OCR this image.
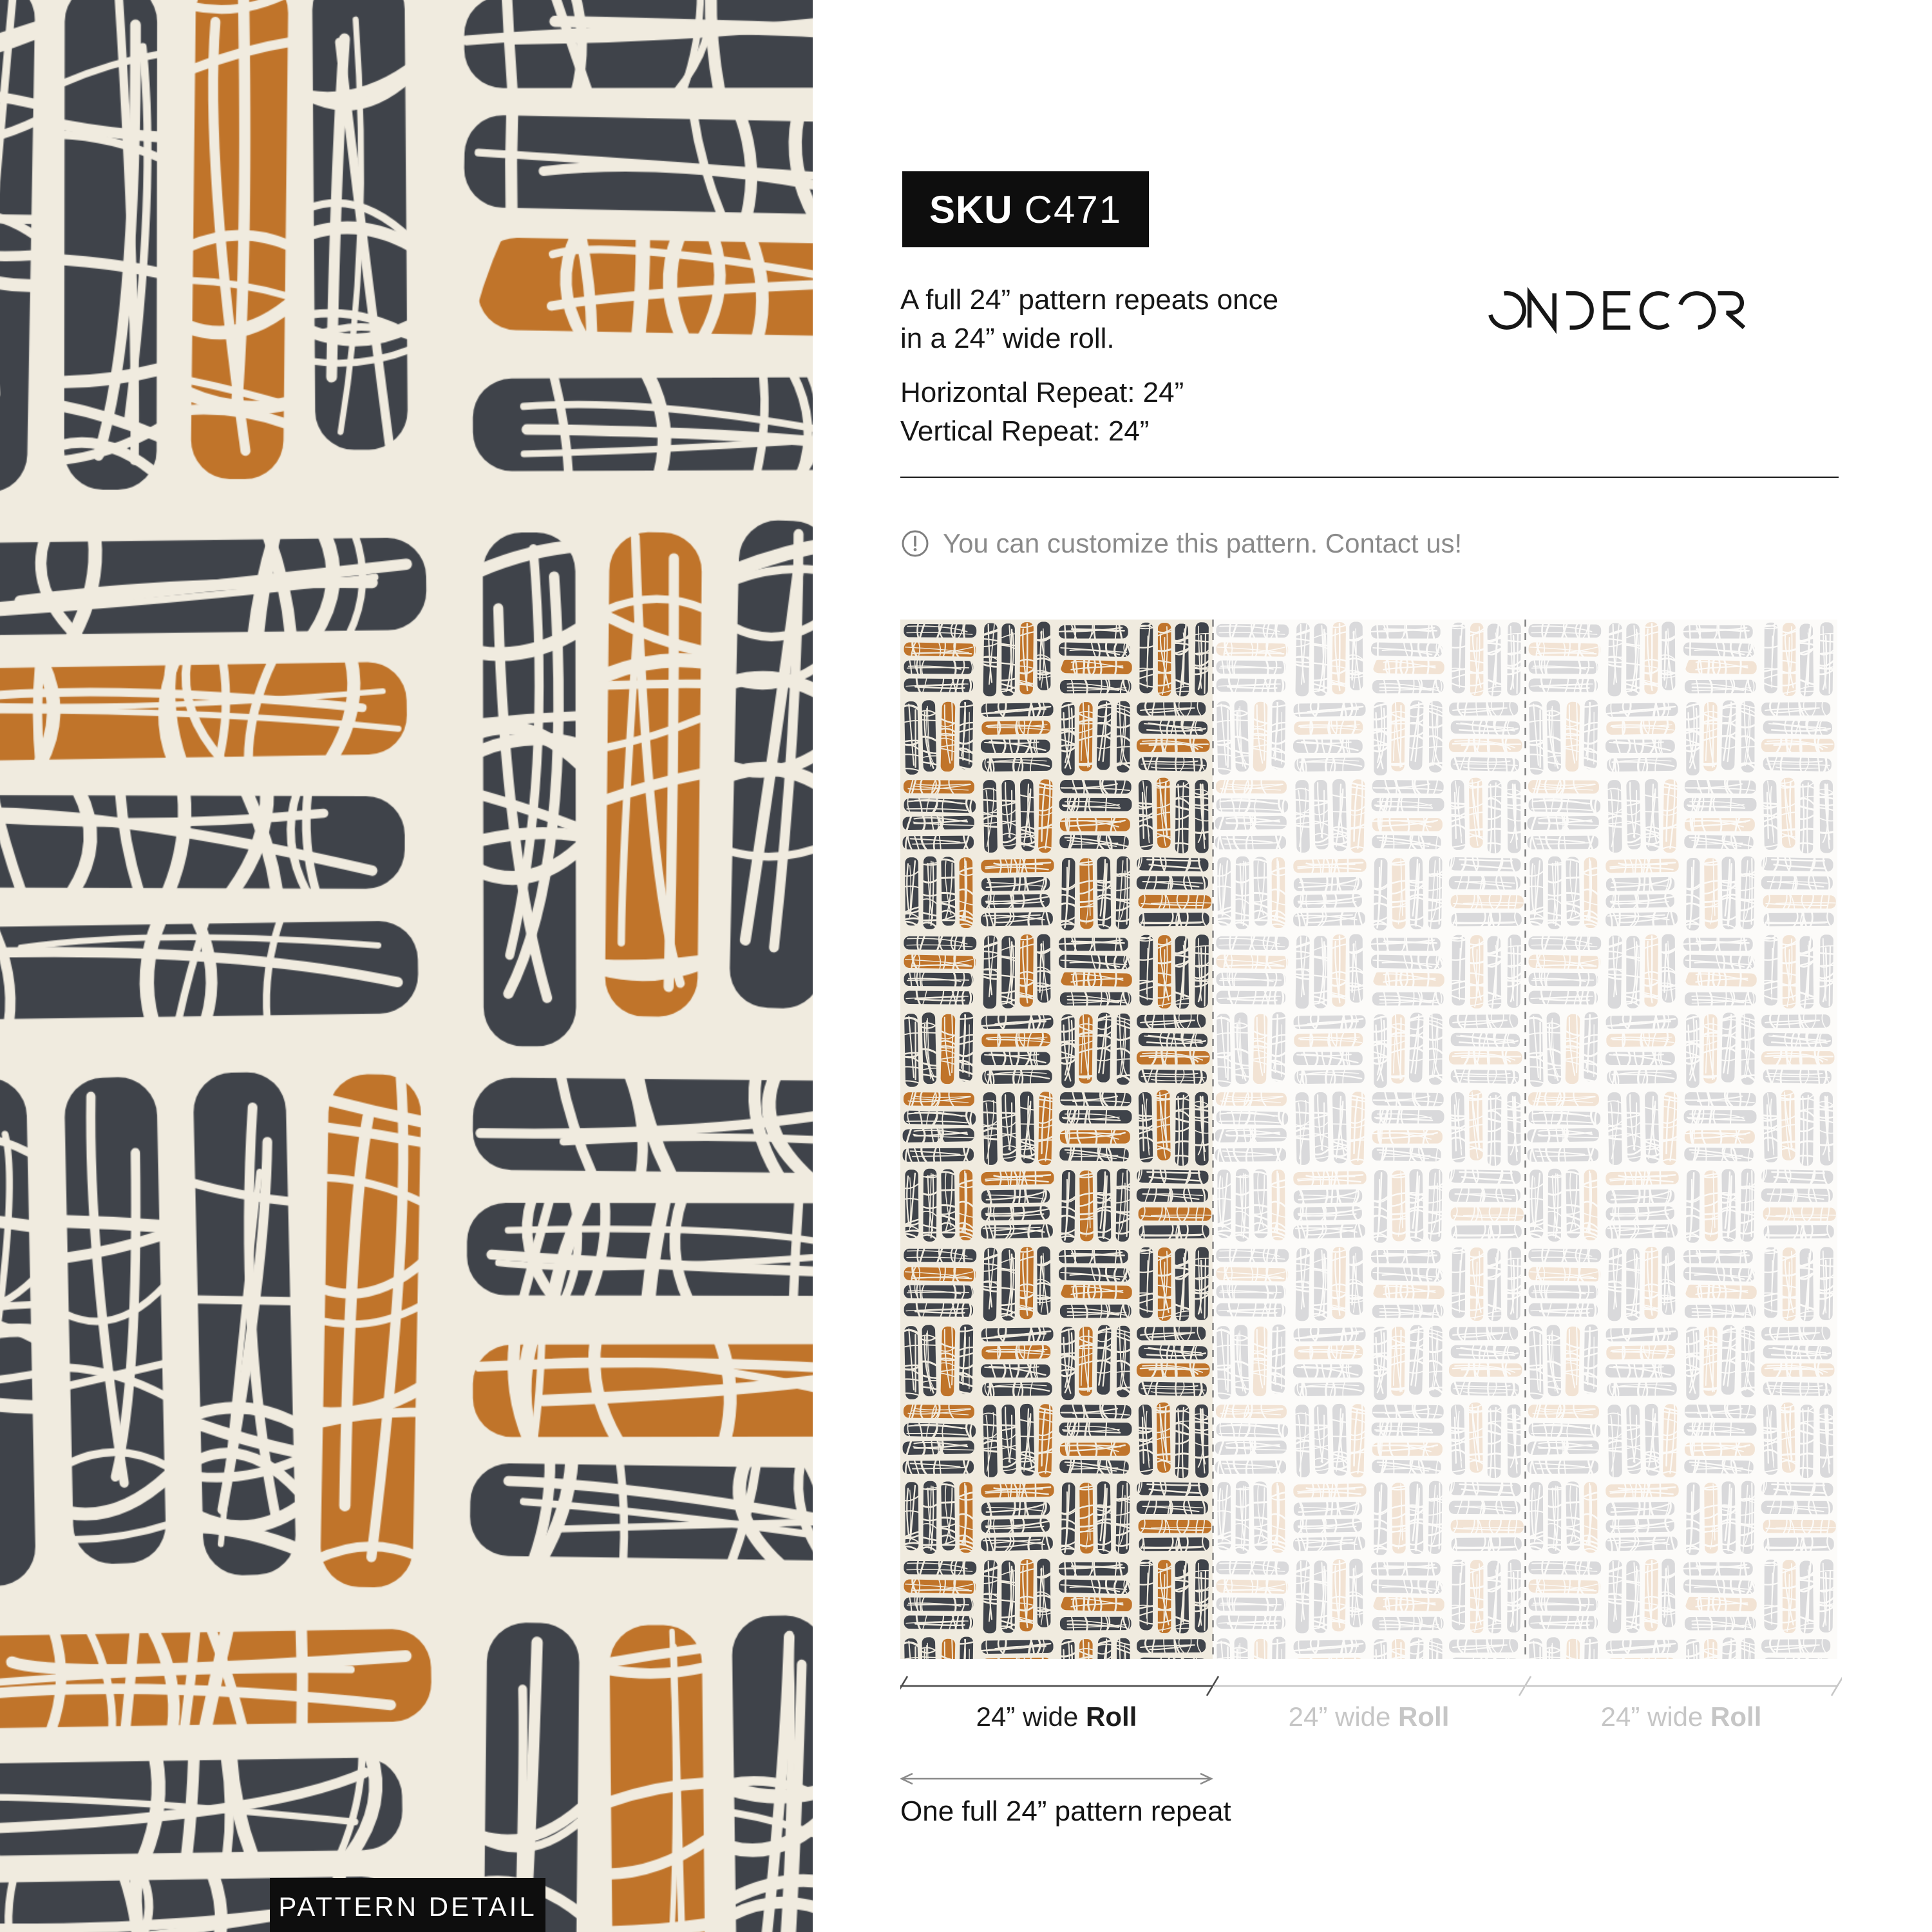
PATTERN DETAIL
SKU C471
A full 24” pattern repeats once
in a 24” wide roll.
Horizontal Repeat: 24”
Vertical Repeat: 24”
You can customize this pattern. Contact us!
24” wide Roll	24” wide Roll	24” wide Roll
One full 24” pattern repeat
